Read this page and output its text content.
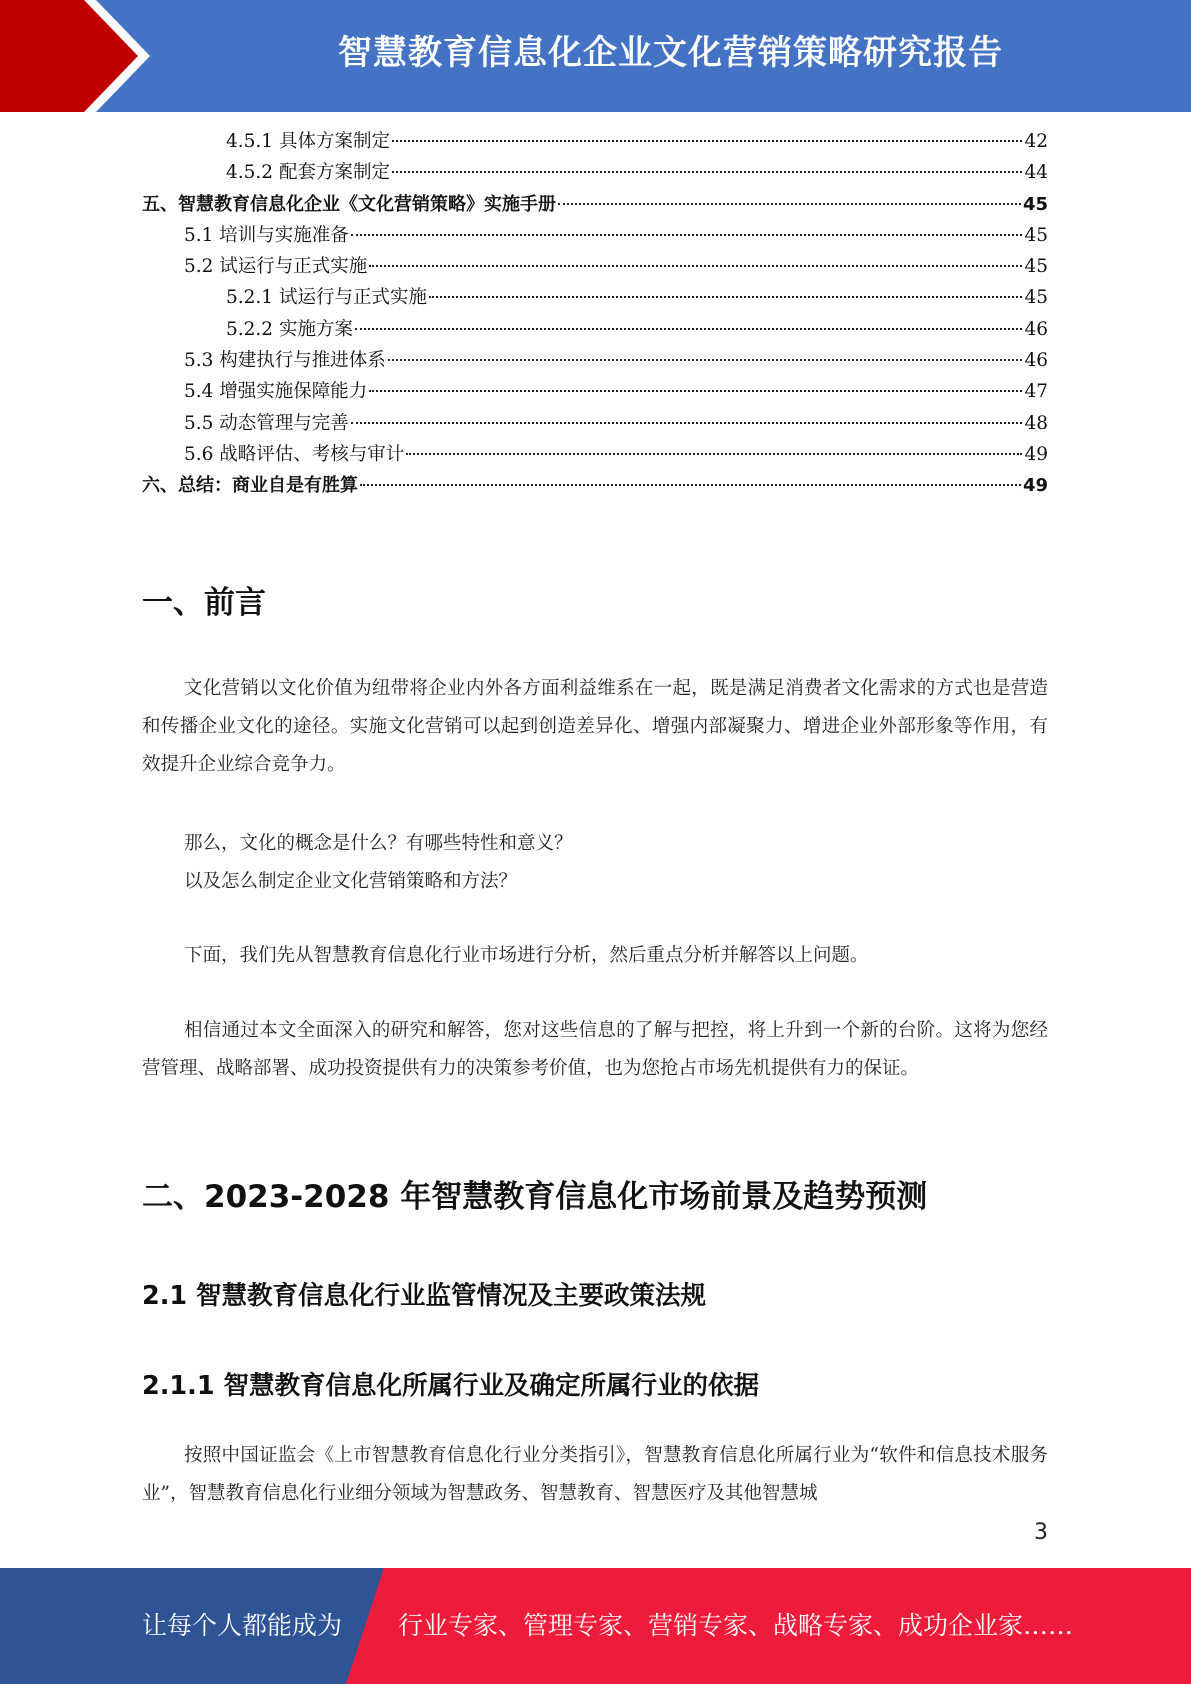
智慧教育信息化企业文化营销策略研究报告
4.5.1 具体方案制定	42
4.5.2 配套方案制定	44
五、智慧教育信息化企业《文化营销策略》实施手册	45
5.1 培训与实施准备	45
5.2 试运行与正式实施	45
5.2.1 试运行与正式实施	45
5.2.2 实施方案	46
5.3 构建执行与推进体系	46
5.4 增强实施保障能力	47
5.5 动态管理与完善	48
5.6 战略评估、考核与审计	49
六、总结：商业自是有胜算	49
一、前言

文化营销以文化价值为纽带将企业内外各方面利益维系在一起，既是满足消费者文化需求的方式也是营造和传播企业文化的途径。实施文化营销可以起到创造差异化、增强内部凝聚力、增进企业外部形象等作用，有效提升企业综合竞争力。

那么，文化的概念是什么？有哪些特性和意义？
以及怎么制定企业文化营销策略和方法？

下面，我们先从智慧教育信息化行业市场进行分析，然后重点分析并解答以上问题。

相信通过本文全面深入的研究和解答，您对这些信息的了解与把控，将上升到一个新的台阶。这将为您经营管理、战略部署、成功投资提供有力的决策参考价值，也为您抢占市场先机提供有力的保证。

二、2023-2028 年智慧教育信息化市场前景及趋势预测
2.1 智慧教育信息化行业监管情况及主要政策法规
2.1.1 智慧教育信息化所属行业及确定所属行业的依据

按照中国证监会《上市智慧教育信息化行业分类指引》，智慧教育信息化所属行业为“软件和信息技术服务业”，智慧教育信息化行业细分领域为智慧政务、智慧教育、智慧医疗及其他智慧城

3
让每个人都能成为 行业专家、管理专家、营销专家、战略专家、成功企业家……
